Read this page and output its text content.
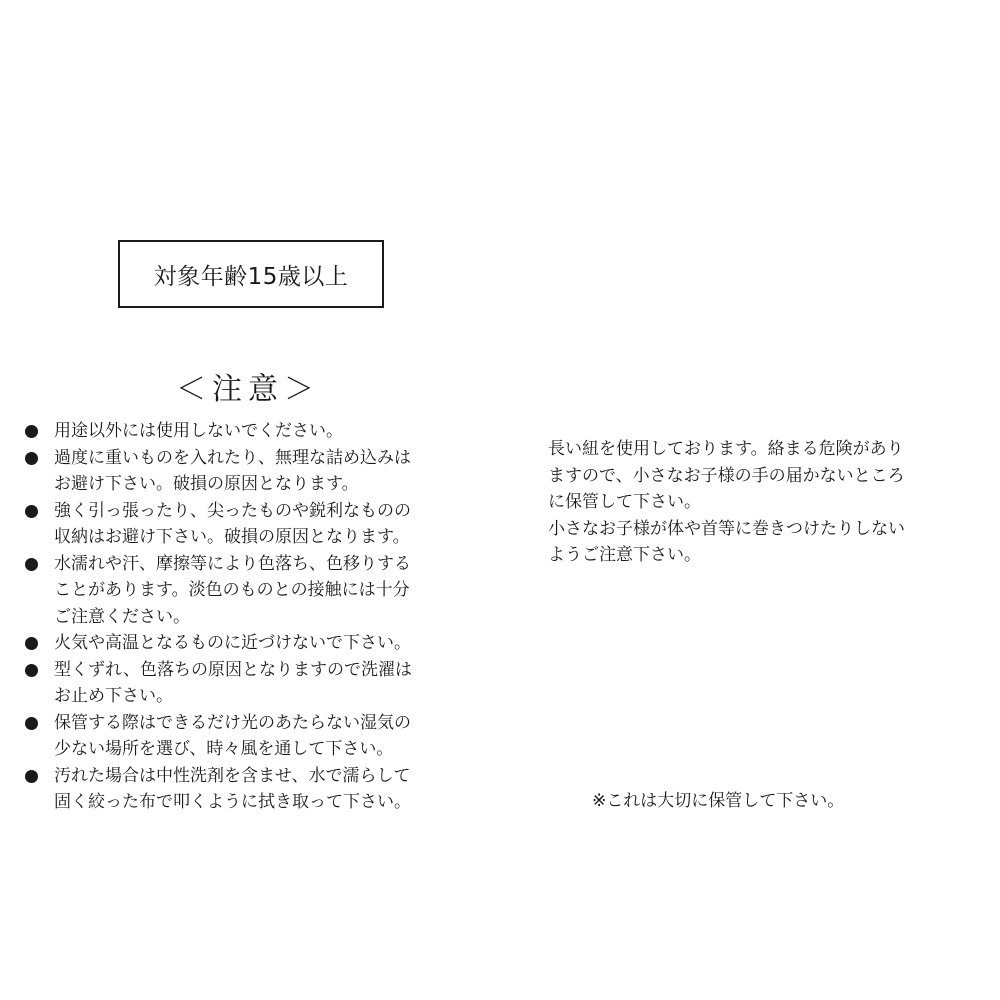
対象年齢15歳以上
＜注意＞
用途以外には使用しないでください。
過度に重いものを入れたり、無理な詰め込みは
お避け下さい。破損の原因となります。
強く引っ張ったり、尖ったものや鋭利なものの
収納はお避け下さい。破損の原因となります。
水濡れや汗、摩擦等により色落ち、色移りする
ことがあります。淡色のものとの接触には十分
ご注意ください。
火気や高温となるものに近づけないで下さい。
型くずれ、色落ちの原因となりますので洗濯は
お止め下さい。
保管する際はできるだけ光のあたらない湿気の
少ない場所を選び、時々風を通して下さい。
汚れた場合は中性洗剤を含ませ、水で濡らして
固く絞った布で叩くように拭き取って下さい。
長い紐を使用しております。絡まる危険があり
ますので、小さなお子様の手の届かないところ
に保管して下さい。
小さなお子様が体や首等に巻きつけたりしない
ようご注意下さい。
※これは大切に保管して下さい。
